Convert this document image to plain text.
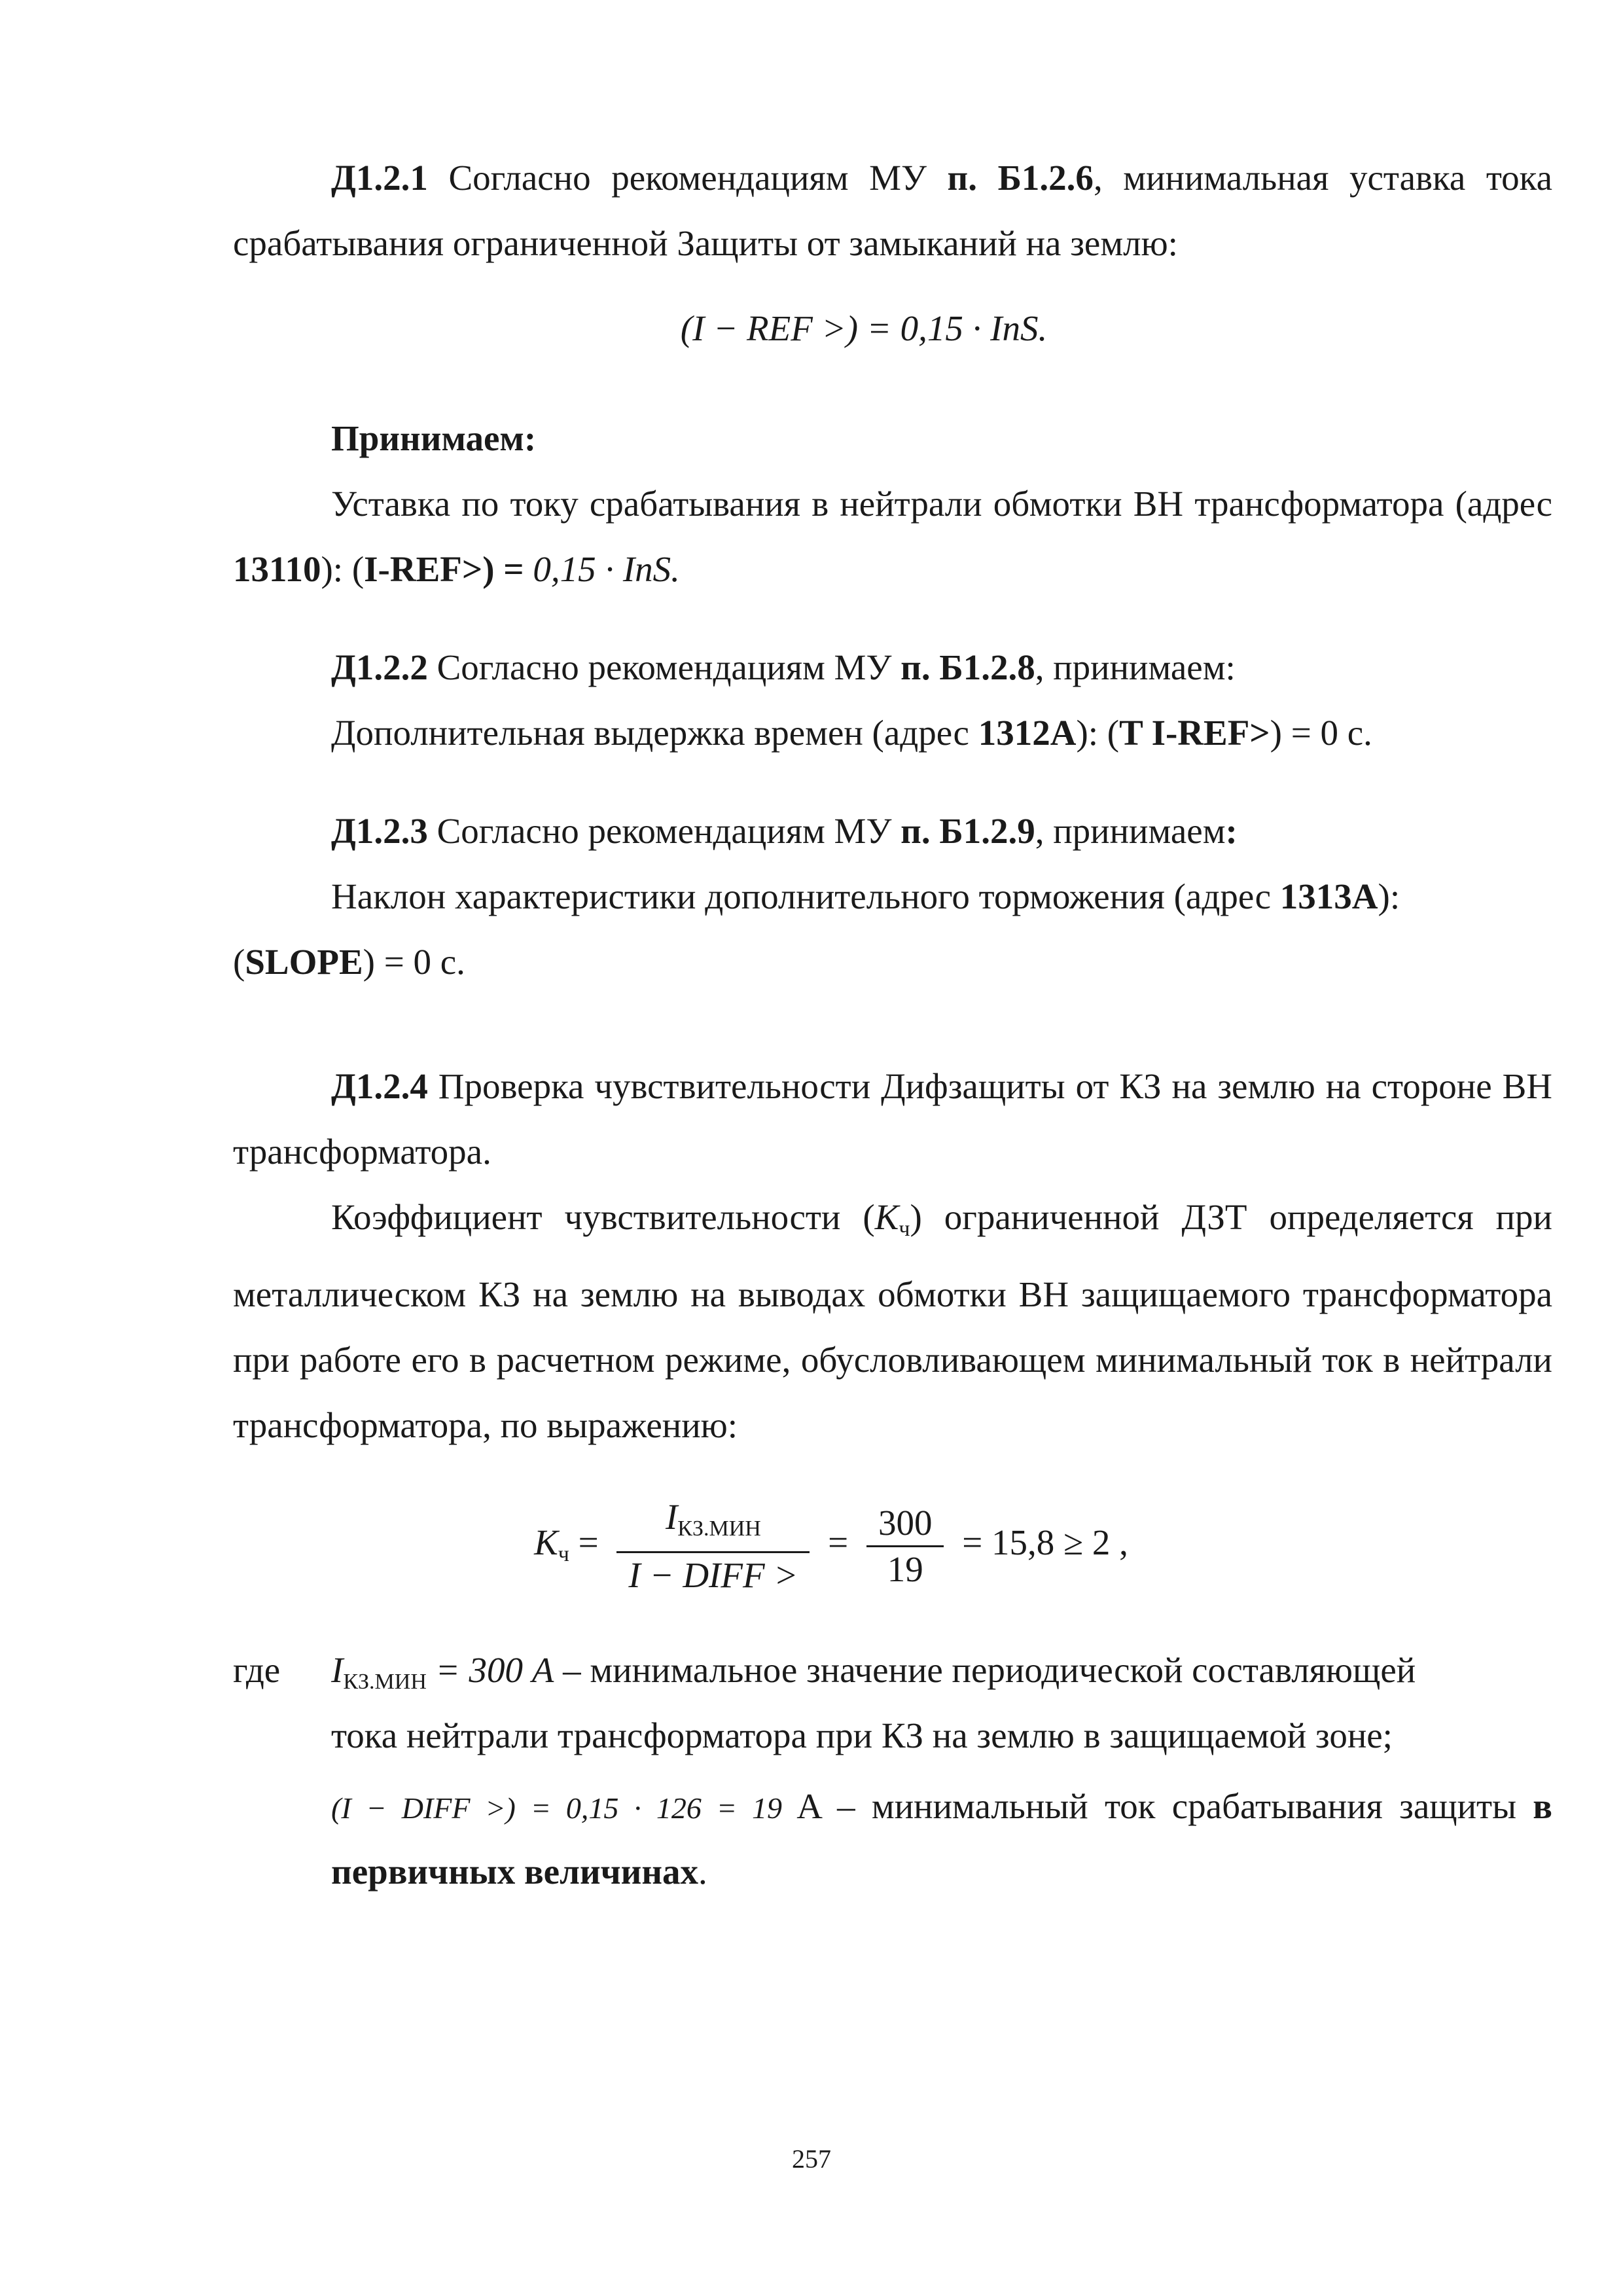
Д1.2.1 Согласно рекомендациям МУ п. Б1.2.6, минимальная уставка тока срабатывания ограниченной Защиты от замыканий на землю:

(I − REF >) = 0,15 · InS.

Принимаем:

Уставка по току срабатывания в нейтрали обмотки ВН трансформатора (адрес 13110): (I-REF>) = 0,15 · InS.

Д1.2.2 Согласно рекомендациям МУ п. Б1.2.8, принимаем:

Дополнительная выдержка времен (адрес 1312A): (T I-REF>) = 0 с.

Д1.2.3 Согласно рекомендациям МУ п. Б1.2.9, принимаем:

Наклон характеристики дополнительного торможения (адрес 1313A):

(SLOPE) = 0 с.

Д1.2.4 Проверка чувствительности Дифзащиты от КЗ на землю на стороне ВН трансформатора.

Коэффициент чувствительности $(K_ч)$ ограниченной ДЗТ определяется при металлическом КЗ на землю на выводах обмотки ВН защищаемого трансформатора при работе его в расчетном режиме, обусловливающем минимальный ток в нейтрали трансформатора, по выражению:

$K_ч = \frac{I_{КЗ.МИН}}{\text{I − DIFF >}} = \frac{300}{19} = 15,8 \ge 2$ ,
где $I_{КЗ.МИН} = 300$ A – минимальное значение периодической составляющей

тока нейтрали трансформатора при КЗ на землю в защищаемой зоне;

(I − DIFF >) = 0,15 · 126 = 19 A – минимальный ток срабатывания защиты в

первичных величинах.

257
